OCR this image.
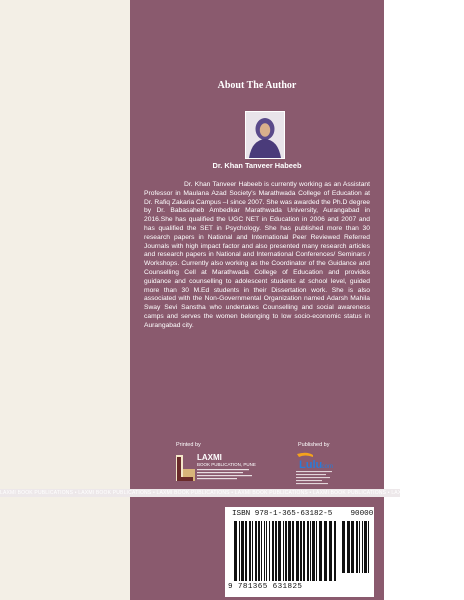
About The Author
Dr. Khan Tanveer Habeeb

Dr. Khan Tanveer Habeeb is currently working as an Assistant Professor in Maulana Azad Society's Marathwada College of Education at Dr. Rafiq Zakaria Campus –I since 2007. She was awarded the Ph.D degree by Dr. Babasaheb Ambedkar Marathwada University, Aurangabad in 2016.She has qualified the UGC NET in Education in 2006 and 2007 and has qualified the SET in Psychology. She has published more than 30 research papers in National and International Peer Reviewed Referred Journals with high impact factor and also presented many research articles and research papers in National and International Conferences/ Seminars / Workshops. Currently also working as the Coordinator of the Guidance and Counselling Cell at Marathwada College of Education and provides guidance and counselling to adolescent students at school level, guided more than 30 M.Ed students in their Dissertation work. She is also associated with the Non-Governmental Organization named Adarsh Mahila Sway Sevi Sanstha who undertakes Counselling and social awareness camps and serves the women belonging to low socio-economic status in Aurangabad city.

Printed by	Published by
LAXMI
BOOK PUBLICATION, PUNE	Lulu
.com
LAXMI BOOK PUBLICATIONS • LAXMI BOOK PUBLICATIONS • LAXMI BOOK PUBLICATIONS • LAXMI BOOK PUBLICATIONS • LAXMI BOOK PUBLICATIONS • LAXMI BOOK PUBLICATIONS
ISBN 978-1-365-63182-5 90000
9 781365 631825
